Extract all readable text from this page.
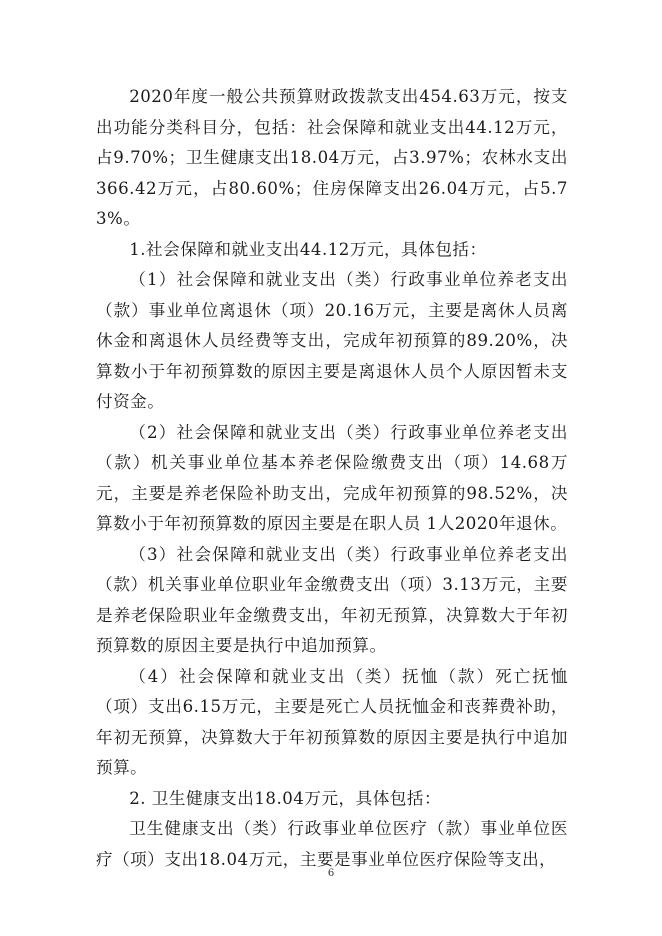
2020年度一般公共预算财政拨款支出454.63万元，按支出功能分类科目分，包括：社会保障和就业支出44.12万元，占9.70%；卫生健康支出18.04万元，占3.97%；农林水支出366.42万元，占80.60%；住房保障支出26.04万元，占5.73%。

1.社会保障和就业支出44.12万元，具体包括：

（1）社会保障和就业支出（类）行政事业单位养老支出（款）事业单位离退休（项）20.16万元，主要是离休人员离休金和离退休人员经费等支出，完成年初预算的89.20%，决算数小于年初预算数的原因主要是离退休人员个人原因暂未支付资金。

（2）社会保障和就业支出（类）行政事业单位养老支出（款）机关事业单位基本养老保险缴费支出（项）14.68万元，主要是养老保险补助支出，完成年初预算的98.52%，决算数小于年初预算数的原因主要是在职人员 1人2020年退休。

（3）社会保障和就业支出（类）行政事业单位养老支出（款）机关事业单位职业年金缴费支出（项）3.13万元，主要是养老保险职业年金缴费支出，年初无预算，决算数大于年初预算数的原因主要是执行中追加预算。

（4）社会保障和就业支出（类）抚恤（款）死亡抚恤（项）支出6.15万元，主要是死亡人员抚恤金和丧葬费补助，年初无预算，决算数大于年初预算数的原因主要是执行中追加预算。

2. 卫生健康支出18.04万元，具体包括：

卫生健康支出（类）行政事业单位医疗（款）事业单位医疗（项）支出18.04万元，主要是事业单位医疗保险等支出，

6
